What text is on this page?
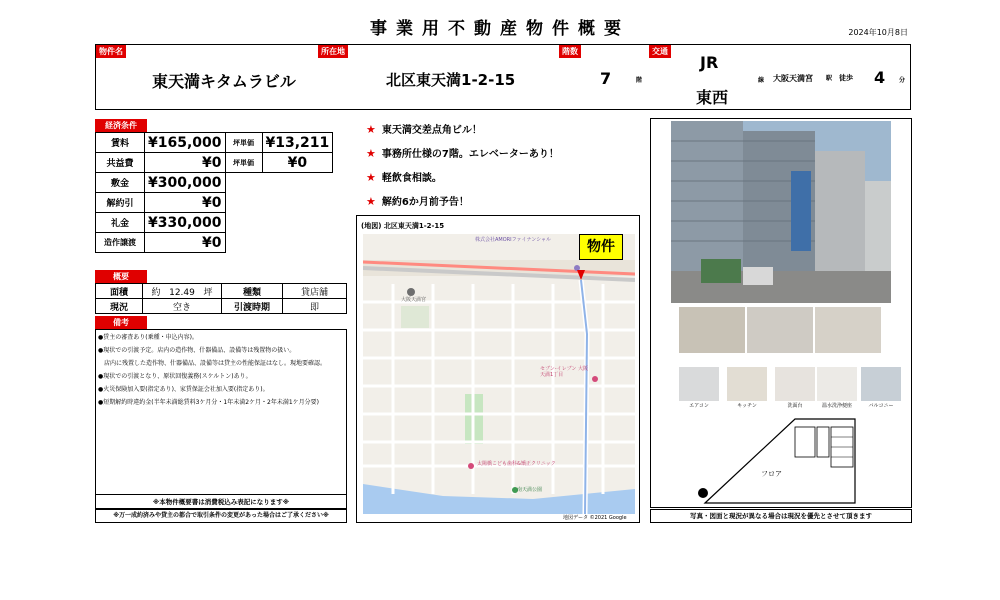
事業用不動産物件概要	2024年10月8日
物件名
東天満キタムラビル
所在地
北区東天満1-2-15
階数
7	階
交通
JR
東西
線 大阪天満宮 駅 徒歩 4 分
経済条件
賃料	¥165,000	坪単価	¥13,211
共益費	¥0	坪単価	¥0
敷金	¥300,000		
解約引	¥0		
礼金	¥330,000		
造作譲渡	¥0		
概要
面積	約 12.49 坪	種類	貸店舗
現況	空き	引渡時期	即
備考

●賃主の審査あり(乗種・申込内容)。

●現状での引渡予定。店内の造作物、什器備品、設備等は残置物の扱い。

　店内に残置した造作物、什器備品、設備等は貸主の性能保証はなし。現地要確認。

●現状での引渡となり、原状回復義務(スケルトン)あり。

●火災保険加入要(指定あり)、家賃保証会社加入要(指定あり)。

●短期解約時違約金(半年未満総賃料3ケ月分・1年未満2ケ月・2年未満1ケ月分要)

※本物件概要書は消費税込み表記になります※
※万一成約済みや貸主の都合で取引条件の変更があった場合はご了承ください※
★ 東天満交差点角ビル！
★ 事務所仕様の7階。エレベーターあり！
★ 軽飲食相談。
★ 解約6か月前予告！
(地図) 北区東天満1-2-15
大阪天満宮
株式会社AMORIファイナンシャル
セブン-イレブン 大阪天満1丁目
太陽橋こども歯科&矯正クリニック
南天満公園
物件
地図データ ©2021 Google
エアコン	キッチン	洗面台	温水洗浄便座	バルコニー
フロア
写真・図面と現況が異なる場合は現況を優先とさせて頂きます
